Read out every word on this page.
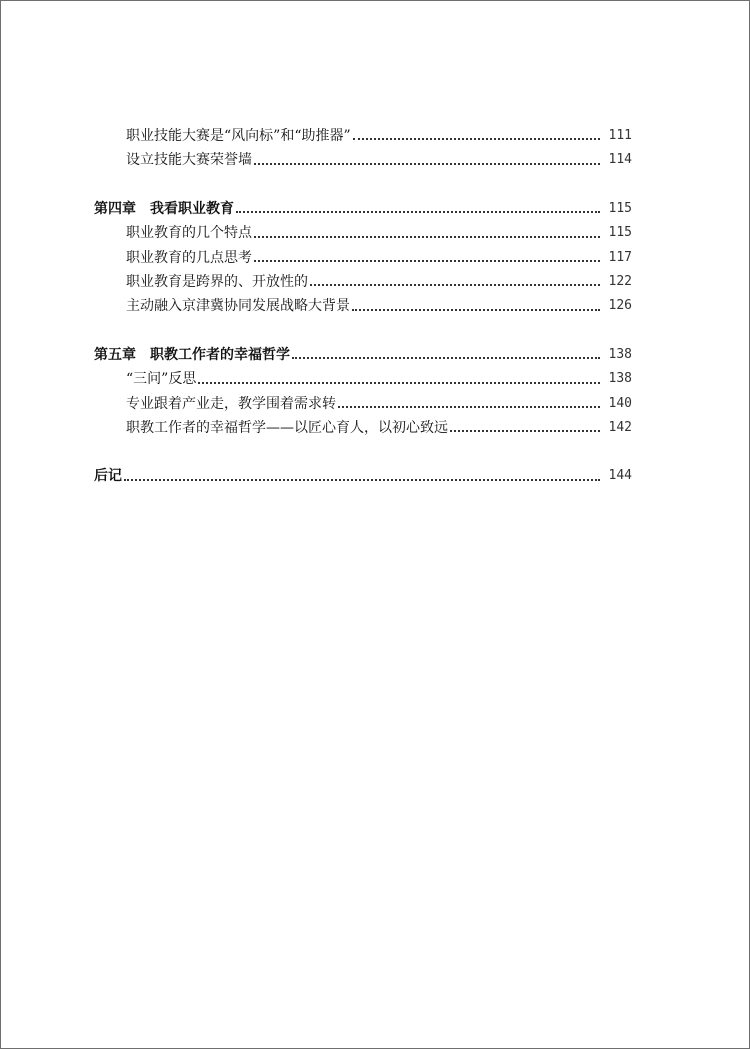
职业技能大赛是“风向标”和“助推器”	111
设立技能大赛荣誉墙	114
第四章　我看职业教育	115
职业教育的几个特点	115
职业教育的几点思考	117
职业教育是跨界的、开放性的	122
主动融入京津冀协同发展战略大背景	126
第五章　职教工作者的幸福哲学	138
“三问”反思	138
专业跟着产业走，教学围着需求转	140
职教工作者的幸福哲学——以匠心育人，以初心致远	142
后记	144
